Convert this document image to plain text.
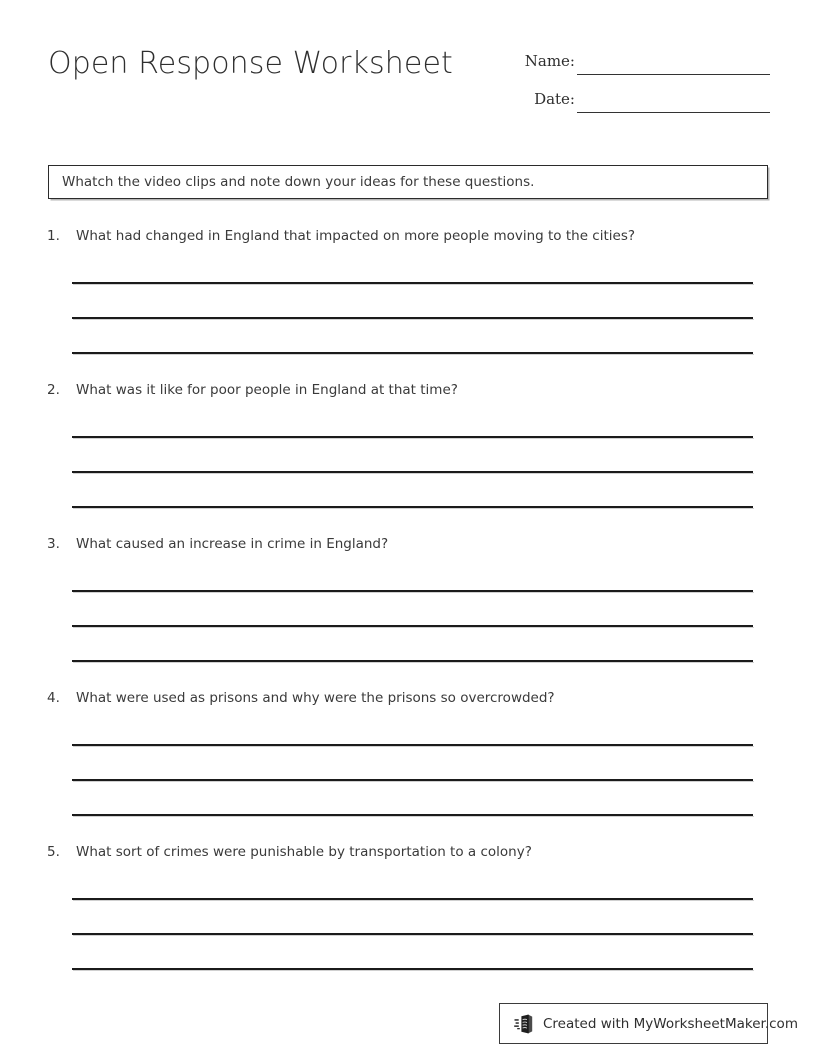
Open Response Worksheet	Name:
Date:
Whatch the video clips and note down your ideas for these questions.
1.	What had changed in England that impacted on more people moving to the cities?
2.	What was it like for poor people in England at that time?
3.	What caused an increase in crime in England?
4.	What were used as prisons and why were the prisons so overcrowded?
5.	What sort of crimes were punishable by transportation to a colony?
Created with MyWorksheetMaker.com
